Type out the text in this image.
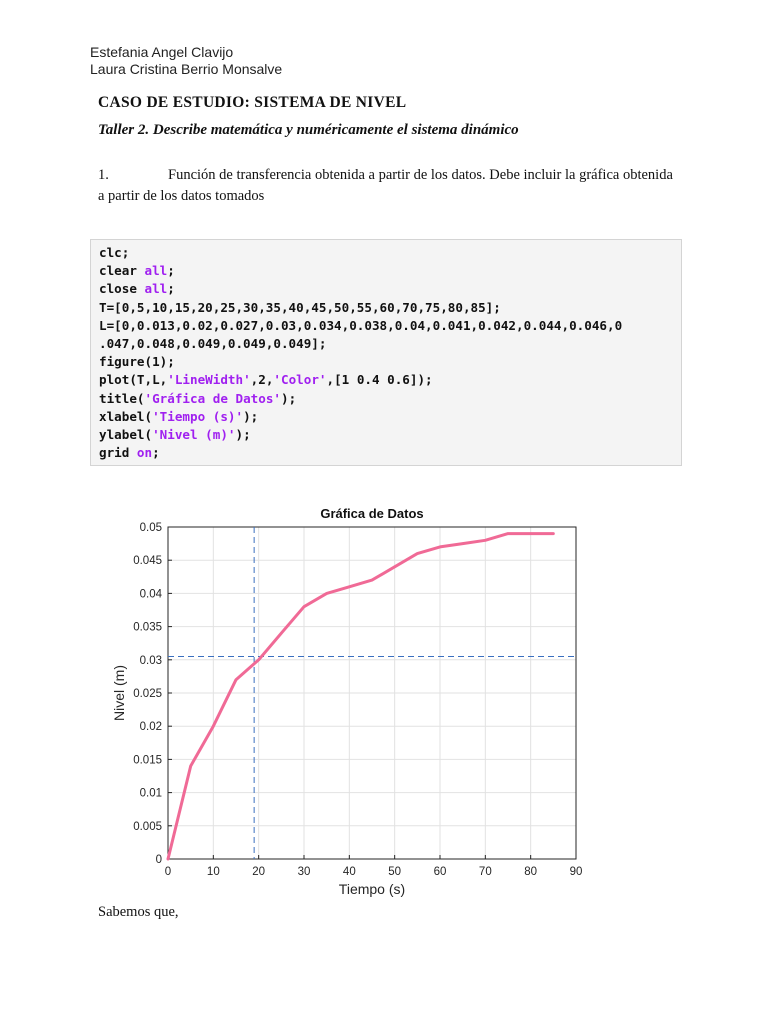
Estefania Angel Clavijo
Laura Cristina Berrio Monsalve
CASO DE ESTUDIO: SISTEMA DE NIVEL
Taller 2. Describe matemática y numéricamente el sistema dinámico
1.	Función de transferencia obtenida a partir de los datos. Debe incluir la gráfica obtenida a partir de los datos tomados
clc;
clear all;
close all;
T=[0,5,10,15,20,25,30,35,40,45,50,55,60,70,75,80,85];
L=[0,0.013,0.02,0.027,0.03,0.034,0.038,0.04,0.041,0.042,0.044,0.046,0
.047,0.048,0.049,0.049,0.049];
figure(1);
plot(T,L,'LineWidth',2,'Color',[1 0.4 0.6]);
title('Gráfica de Datos');
xlabel('Tiempo (s)');
ylabel('Nivel (m)');
grid on;
0	10	20	30	40	50	60	70	80	90
0
0.005
0.01
0.015
0.02
0.025
0.03
0.035
0.04
0.045
0.05
Gráfica de Datos
Tiempo (s)
Nivel (m)
Sabemos que,
